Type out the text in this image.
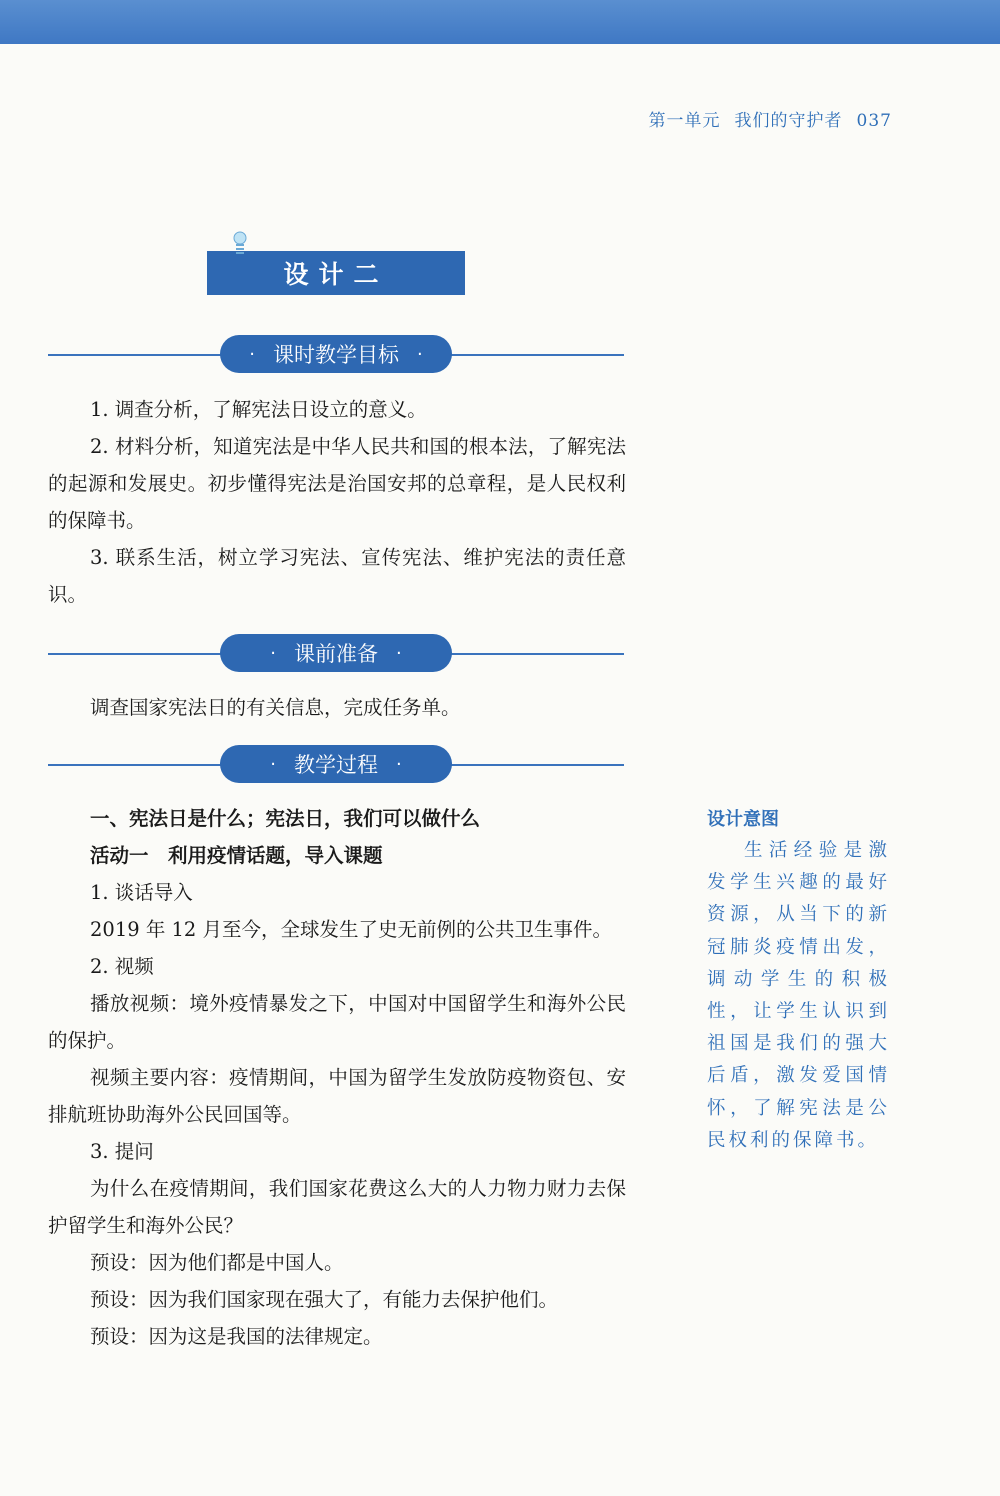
第一单元 我们的守护者 037
设计二
· 课时教学目标 ·

1. 调查分析，了解宪法日设立的意义。

2. 材料分析，知道宪法是中华人民共和国的根本法，了解宪法的起源和发展史。初步懂得宪法是治国安邦的总章程，是人民权利的保障书。

3. 联系生活，树立学习宪法、宣传宪法、维护宪法的责任意识。

· 课前准备 ·

调查国家宪法日的有关信息，完成任务单。

· 教学过程 ·

一、宪法日是什么；宪法日，我们可以做什么

活动一　利用疫情话题，导入课题

1. 谈话导入

2019 年 12 月至今，全球发生了史无前例的公共卫生事件。

2. 视频

播放视频：境外疫情暴发之下，中国对中国留学生和海外公民的保护。

视频主要内容：疫情期间，中国为留学生发放防疫物资包、安排航班协助海外公民回国等。

3. 提问

为什么在疫情期间，我们国家花费这么大的人力物力财力去保护留学生和海外公民？

预设：因为他们都是中国人。

预设：因为我们国家现在强大了，有能力去保护他们。

预设：因为这是我国的法律规定。

设计意图
生活经验是激发学生兴趣的最好资源，从当下的新冠肺炎疫情出发，调动学生的积极性，让学生认识到祖国是我们的强大后盾，激发爱国情怀，了解宪法是公民权利的保障书。
